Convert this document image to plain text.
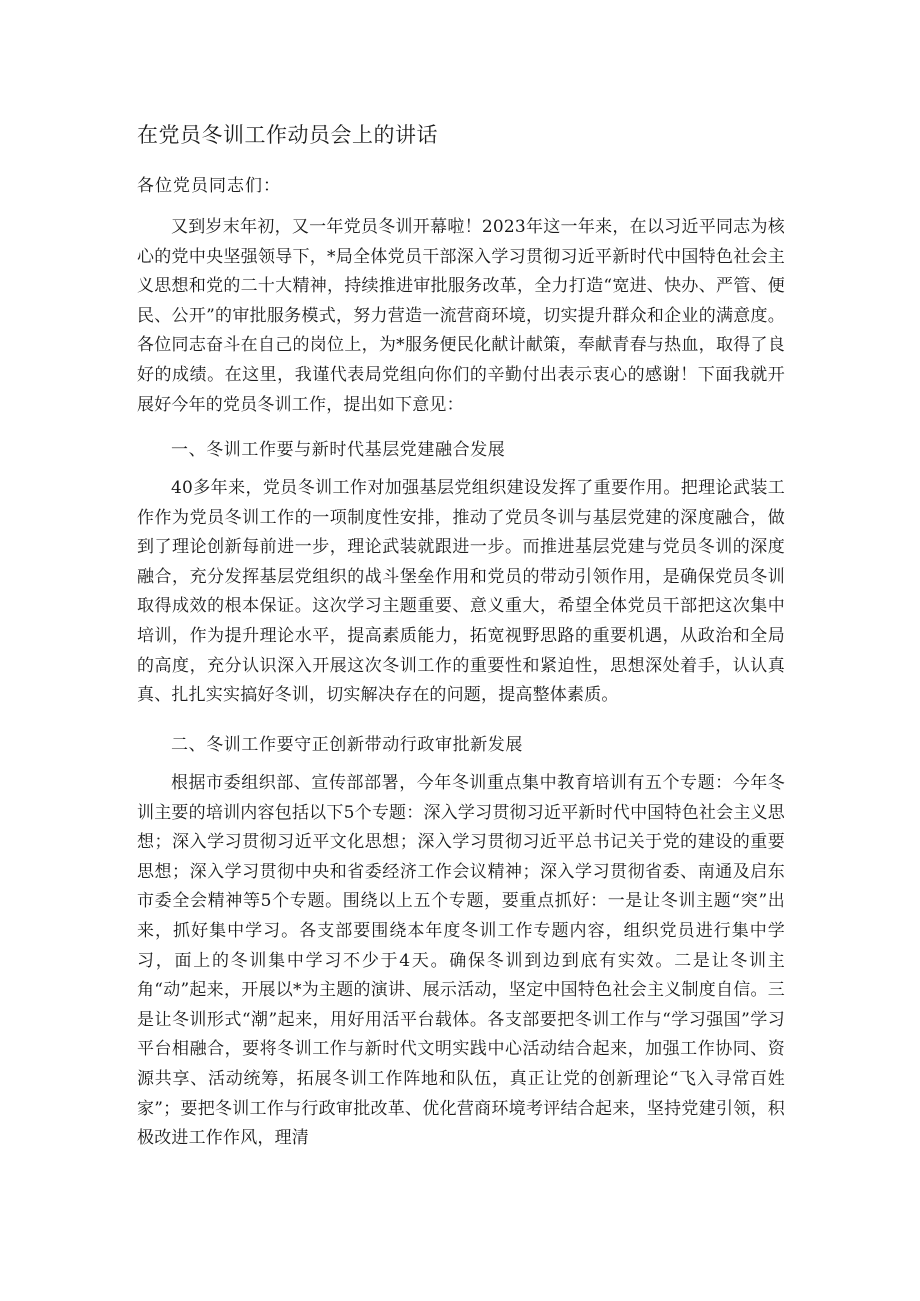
在党员冬训工作动员会上的讲话
各位党员同志们：

又到岁末年初，又一年党员冬训开幕啦！2023年这一年来，在以习近平同志为核心的党中央坚强领导下，*局全体党员干部深入学习贯彻习近平新时代中国特色社会主义思想和党的二十大精神，持续推进审批服务改革，全力打造“宽进、快办、严管、便民、公开”的审批服务模式，努力营造一流营商环境，切实提升群众和企业的满意度。各位同志奋斗在自己的岗位上，为*服务便民化献计献策，奉献青春与热血，取得了良好的成绩。在这里，我谨代表局党组向你们的辛勤付出表示衷心的感谢！下面我就开展好今年的党员冬训工作，提出如下意见：

一、冬训工作要与新时代基层党建融合发展

40多年来，党员冬训工作对加强基层党组织建设发挥了重要作用。把理论武装工作作为党员冬训工作的一项制度性安排，推动了党员冬训与基层党建的深度融合，做到了理论创新每前进一步，理论武装就跟进一步。而推进基层党建与党员冬训的深度融合，充分发挥基层党组织的战斗堡垒作用和党员的带动引领作用，是确保党员冬训取得成效的根本保证。这次学习主题重要、意义重大，希望全体党员干部把这次集中培训，作为提升理论水平，提高素质能力，拓宽视野思路的重要机遇，从政治和全局的高度，充分认识深入开展这次冬训工作的重要性和紧迫性，思想深处着手，认认真真、扎扎实实搞好冬训，切实解决存在的问题，提高整体素质。

二、冬训工作要守正创新带动行政审批新发展

根据市委组织部、宣传部部署，今年冬训重点集中教育培训有五个专题：今年冬训主要的培训内容包括以下5个专题：深入学习贯彻习近平新时代中国特色社会主义思想；深入学习贯彻习近平文化思想；深入学习贯彻习近平总书记关于党的建设的重要思想；深入学习贯彻中央和省委经济工作会议精神；深入学习贯彻省委、南通及启东市委全会精神等5个专题。围绕以上五个专题，要重点抓好：一是让冬训主题“突”出来，抓好集中学习。各支部要围绕本年度冬训工作专题内容，组织党员进行集中学习，面上的冬训集中学习不少于4天。确保冬训到边到底有实效。二是让冬训主角“动”起来，开展以*为主题的演讲、展示活动，坚定中国特色社会主义制度自信。三是让冬训形式“潮”起来，用好用活平台载体。各支部要把冬训工作与“学习强国”学习平台相融合，要将冬训工作与新时代文明实践中心活动结合起来，加强工作协同、资源共享、活动统筹，拓展冬训工作阵地和队伍，真正让党的创新理论“飞入寻常百姓家”；要把冬训工作与行政审批改革、优化营商环境考评结合起来，坚持党建引领，积极改进工作作风，理清
